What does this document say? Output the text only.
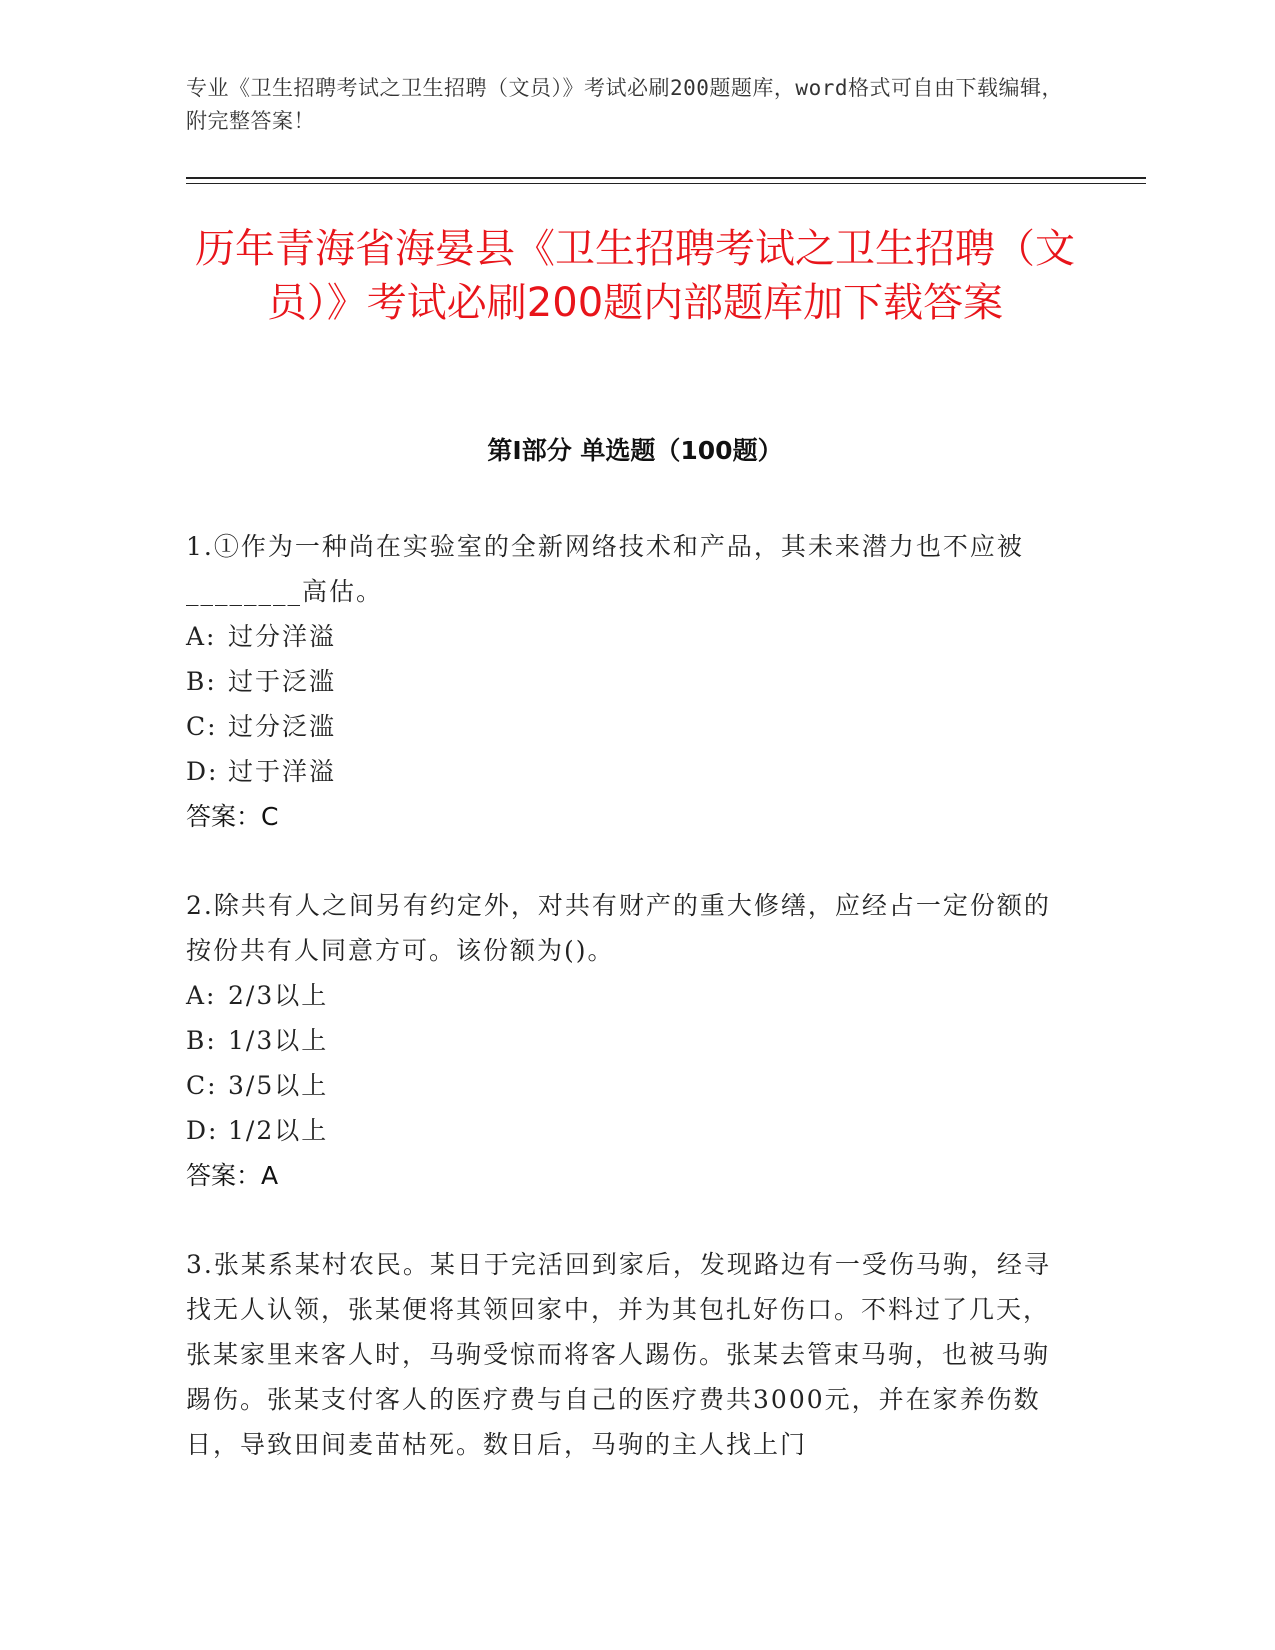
专业《卫生招聘考试之卫生招聘（文员）》考试必刷200题题库，word格式可自由下载编辑，附完整答案！
历年青海省海晏县《卫生招聘考试之卫生招聘（文员）》考试必刷200题内部题库加下载答案
第Ⅰ部分 单选题（100题）

1.①作为一种尚在实验室的全新网络技术和产品，其未来潜力也不应被________高估。

A: 过分洋溢

B: 过于泛滥

C: 过分泛滥

D: 过于洋溢

答案：C

2.除共有人之间另有约定外，对共有财产的重大修缮，应经占一定份额的按份共有人同意方可。该份额为()。

A: 2/3以上

B: 1/3以上

C: 3/5以上

D: 1/2以上

答案：A

3.张某系某村农民。某日于完活回到家后，发现路边有一受伤马驹，经寻找无人认领，张某便将其领回家中，并为其包扎好伤口。不料过了几天，张某家里来客人时，马驹受惊而将客人踢伤。张某去管束马驹，也被马驹踢伤。张某支付客人的医疗费与自己的医疗费共3000元，并在家养伤数日，导致田间麦苗枯死。数日后，马驹的主人找上门
